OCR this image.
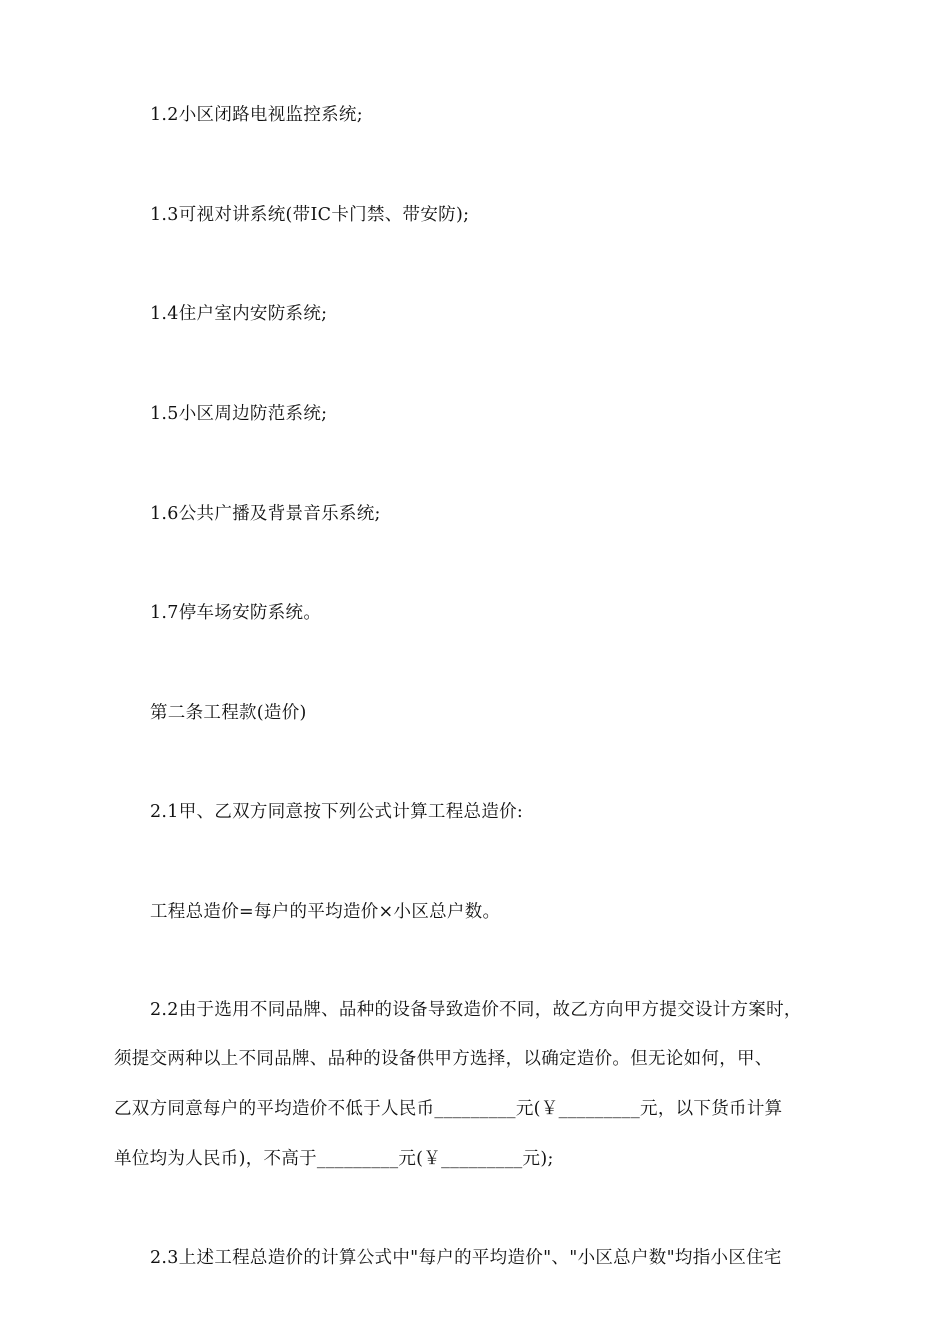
1.2小区闭路电视监控系统;
1.3可视对讲系统(带IC卡门禁、带安防);
1.4住户室内安防系统;
1.5小区周边防范系统;
1.6公共广播及背景音乐系统;
1.7停车场安防系统。
第二条工程款(造价)
2.1甲、乙双方同意按下列公式计算工程总造价:
工程总造价=每户的平均造价×小区总户数。
2.2由于选用不同品牌、品种的设备导致造价不同，故乙方向甲方提交设计方案时，
须提交两种以上不同品牌、品种的设备供甲方选择，以确定造价。但无论如何，甲、
乙双方同意每户的平均造价不低于人民币_________元(￥_________元，以下货币计算
单位均为人民币)，不高于_________元(￥_________元);
2.3上述工程总造价的计算公式中"每户的平均造价"、"小区总户数"均指小区住宅
